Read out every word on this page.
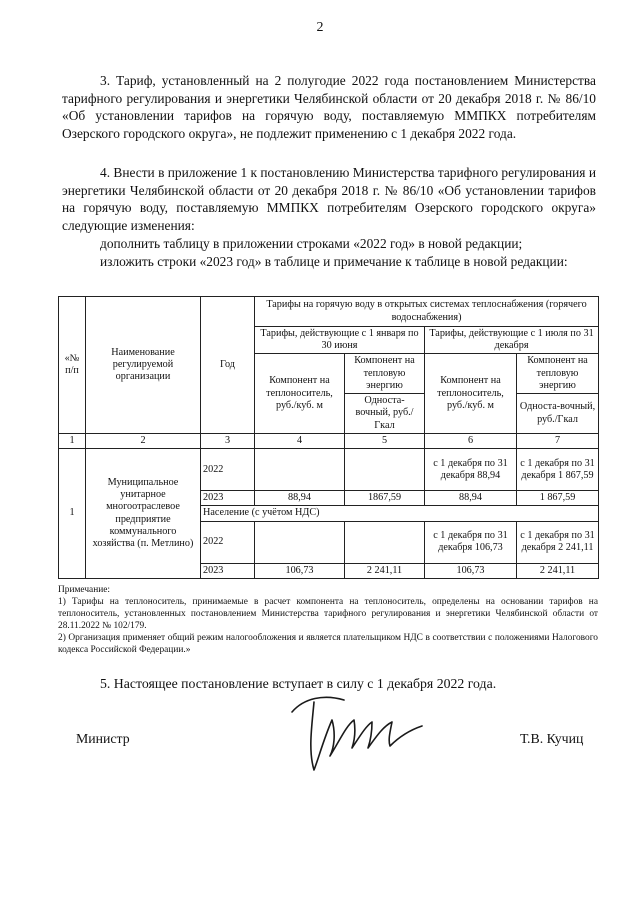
2

3. Тариф, установленный на 2 полугодие 2022 года постановлением Министерства тарифного регулирования и энергетики Челябинской области от 20 декабря 2018 г. № 86/10 «Об установлении тарифов на горячую воду, поставляемую ММПКХ потребителям Озерского городского округа», не подлежит применению с 1 декабря 2022 года.

4. Внести в приложение 1 к постановлению Министерства тарифного регулирования и энергетики Челябинской области от 20 декабря 2018 г. № 86/10 «Об установлении тарифов на горячую воду, поставляемую ММПКХ потребителям Озерского городского округа» следующие изменения:

дополнить таблицу в приложении строками «2022 год» в новой редакции;

изложить строки «2023 год» в таблице и примечание к таблице в новой редакции:

«№ п/п	Наименование регулируемой организации	Год	Тарифы на горячую воду в открытых системах теплоснабжения (горячего водоснабжения)			
			Тарифы, действующие с 1 января по 30 июня		Тарифы, действующие с 1 июля по 31 декабря	
			Компонент на теплоноситель, руб./куб. м	Компонент на тепловую энергию	Компонент на теплоноситель, руб./куб. м	Компонент на тепловую энергию
				Односта-вочный, руб./Гкал		Односта-вочный, руб./Гкал
1	2	3	4	5	6	7
1	Муниципальное унитарное многоотраслевое предприятие коммунального хозяйства (п. Метлино)	2022			с 1 декабря по 31 декабря 88,94	с 1 декабря по 31 декабря 1 867,59
		2023	88,94	1867,59	88,94	1 867,59
		Население (с учётом НДС)				
		2022			с 1 декабря по 31 декабря 106,73	с 1 декабря по 31 декабря 2 241,11
		2023	106,73	2 241,11	106,73	2 241,11

Примечание:

1) Тарифы на теплоноситель, принимаемые в расчет компонента на теплоноситель, определены на основании тарифов на теплоноситель, установленных постановлением Министерства тарифного регулирования и энергетики Челябинской области от 28.11.2022 № 102/179.

2) Организация применяет общий режим налогообложения и является плательщиком НДС в соответствии с положениями Налогового кодекса Российской Федерации.»

5. Настоящее постановление вступает в силу с 1 декабря 2022 года.
Министр	Т.В. Кучиц
